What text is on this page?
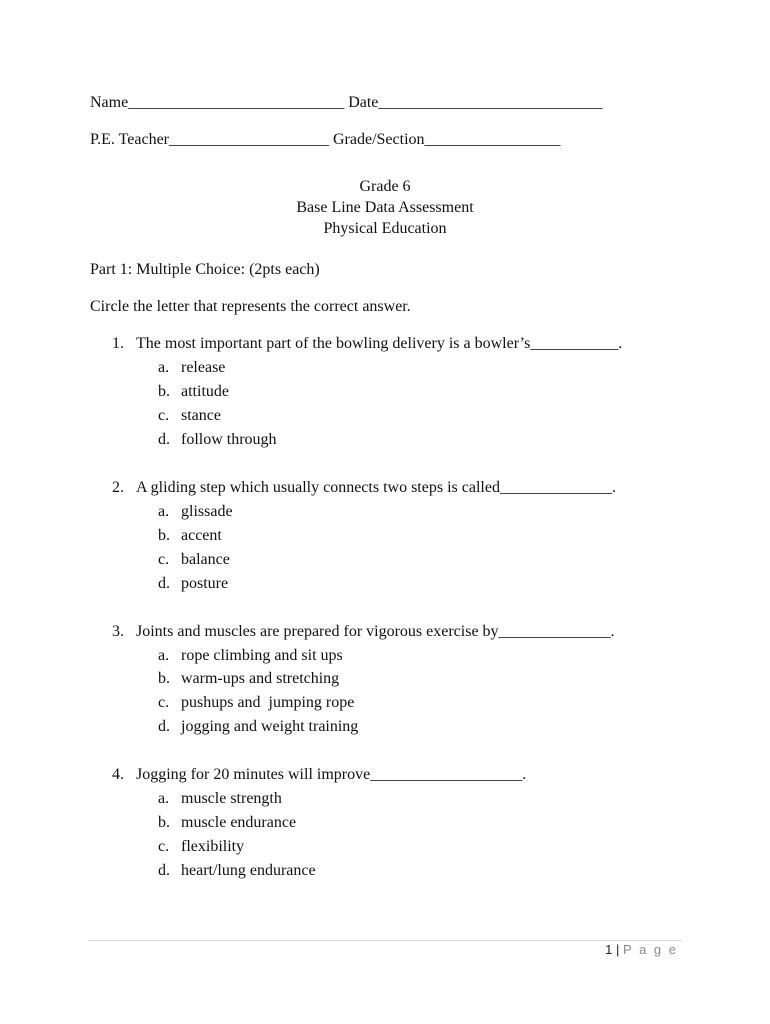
Name___________________________ Date____________________________
P.E. Teacher____________________ Grade/Section_________________
Grade 6
Base Line Data Assessment
Physical Education
Part 1: Multiple Choice: (2pts each)
Circle the letter that represents the correct answer.
1. The most important part of the bowling delivery is a bowler’s___________.
a. release
b. attitude
c. stance
d. follow through
2. A gliding step which usually connects two steps is called______________.
a. glissade
b. accent
c. balance
d. posture
3. Joints and muscles are prepared for vigorous exercise by______________.
a. rope climbing and sit ups
b. warm-ups and stretching
c. pushups and  jumping rope
d. jogging and weight training
4. Jogging for 20 minutes will improve___________________.
a. muscle strength
b. muscle endurance
c. flexibility
d. heart/lung endurance
1 | P a g e
